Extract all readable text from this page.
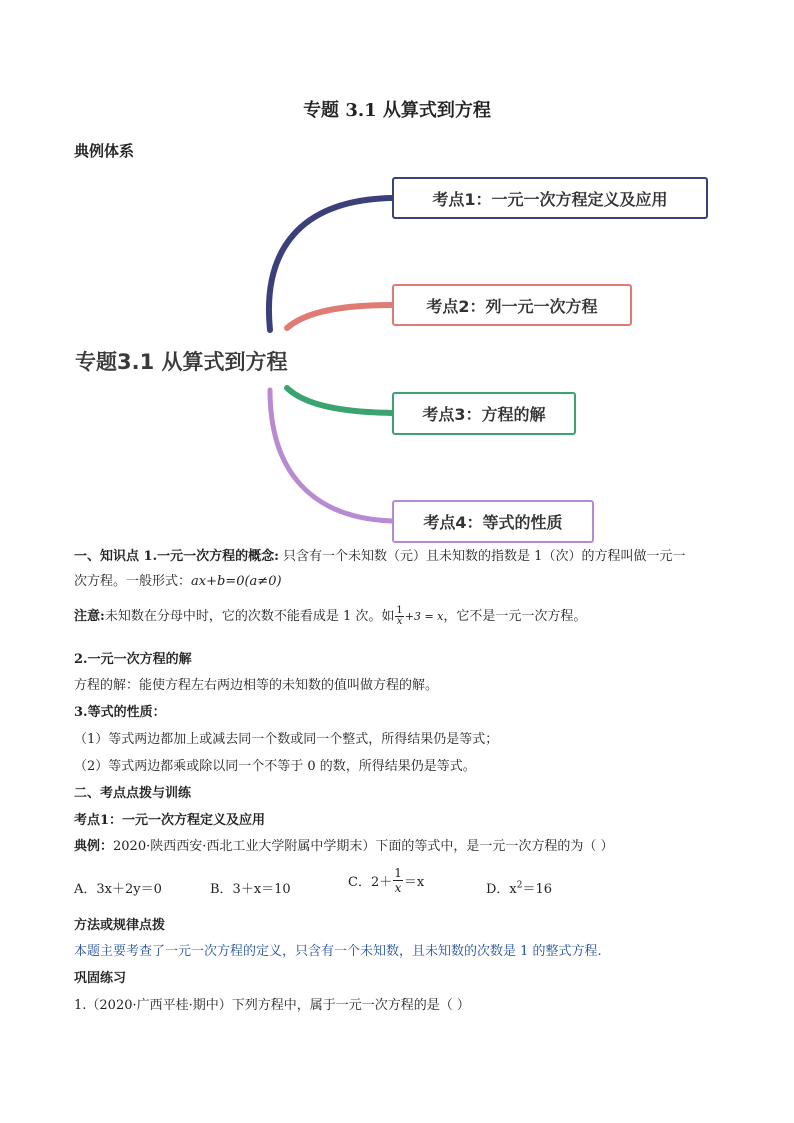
专题 3.1 从算式到方程
典例体系
专题3.1 从算式到方程
考点1：一元一次方程定义及应用
考点2：列一元一次方程
考点3：方程的解
考点4：等式的性质
一、知识点 1.一元一次方程的概念: 只含有一个未知数（元）且未知数的指数是 1（次）的方程叫做一元一
次方程。一般形式：ax+b=0(a≠0)
注意: 未知数在分母中时，它的次数不能看成是 1 次。如 $\frac{1}{x} +3 = x$ ，它不是一元一次方程。
2.一元一次方程的解
方程的解：能使方程左右两边相等的未知数的值叫做方程的解。
3.等式的性质：
（1）等式两边都加上或减去同一个数或同一个整式，所得结果仍是等式；
（2）等式两边都乘或除以同一个不等于 0 的数，所得结果仍是等式。
二、考点点拨与训练
考点1：一元一次方程定义及应用
典例：2020·陕西西安·西北工业大学附属中学期末）下面的等式中，是一元一次方程的为（ ）
A．3x＋2y＝0	B．3＋x＝10	C．$2+ \frac{1}{x} =x$	D．$x^2=16$
方法或规律点拨
本题主要考查了一元一次方程的定义，只含有一个未知数，且未知数的次数是 1 的整式方程.
巩固练习
1.（2020·广西平桂·期中）下列方程中，属于一元一次方程的是（ ）
